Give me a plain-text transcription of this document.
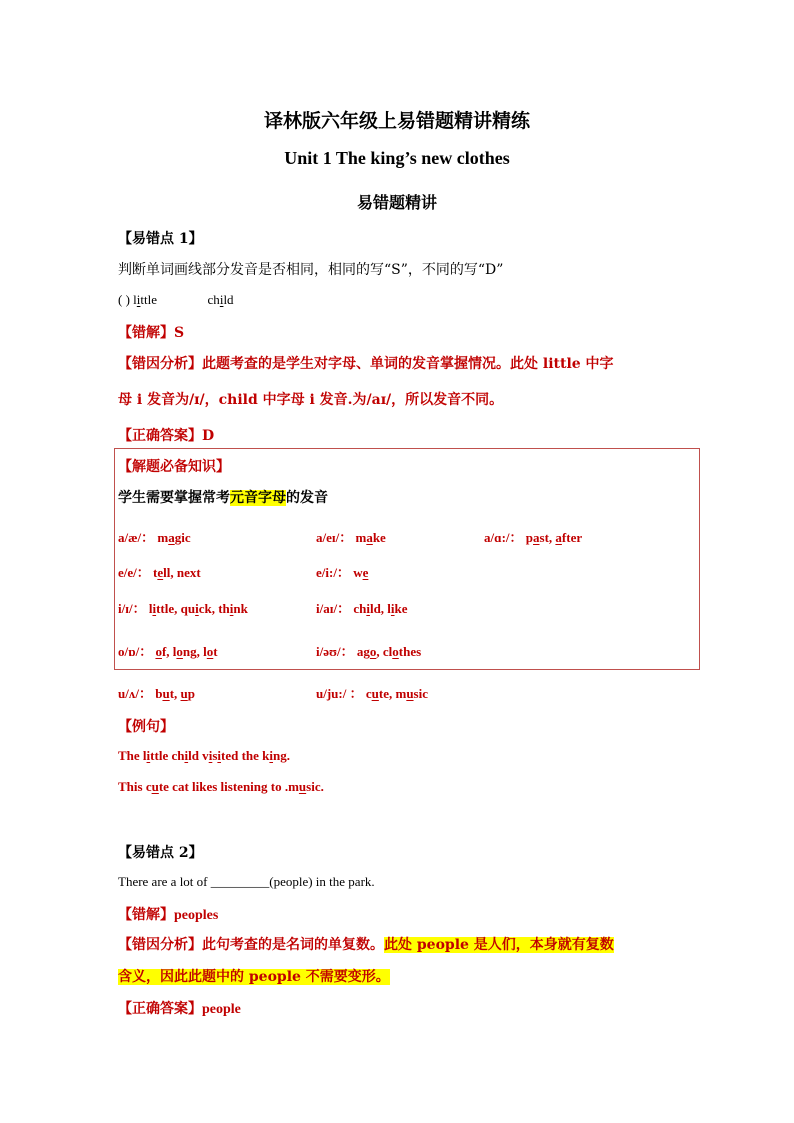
译林版六年级上易错题精讲精练
Unit 1 The king’s new clothes
易错题精讲
【易错点 1】
判断单词画线部分发音是否相同，相同的写“S”，不同的写“D”
( ) little	child
【错解】S
【错因分析】此题考查的是学生对字母、单词的发音掌握情况。此处 little 中字
母 i 发音为/ɪ/，child 中字母 i 发音.为/aɪ/，所以发音不同。
【正确答案】D
【解题必备知识】
学生需要掌握常考元音字母的发音
【例句】
The little child visited the king.
This cute cat likes listening to .music.
【易错点 2】
There are a lot of _________(people) in the park.
【错解】peoples
【错因分析】此句考查的是名词的单复数。此处 people 是人们，本身就有复数
含义，因此此题中的 people 不需要变形。
【正确答案】people
a/æ/： magic	a/eɪ/： make	a/ɑ:/： past, after
e/e/： tell, next	e/i:/： we
i/ɪ/： little, quick, think	i/aɪ/： child, like
o/ɒ/： of, long, lot	i/əʊ/： ago, clothes
u/ʌ/： but, up	u/ju:/ ： cute, music
